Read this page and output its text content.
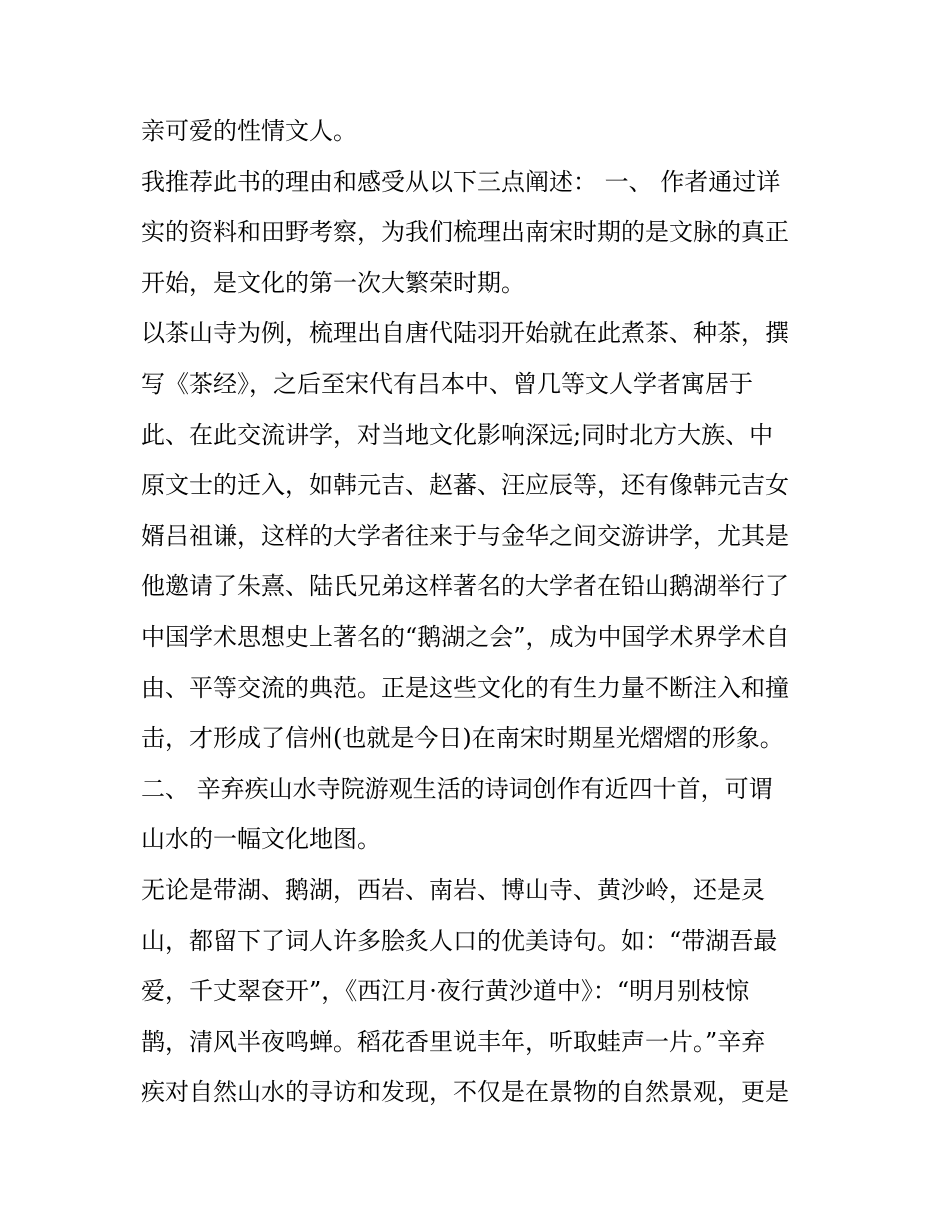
亲可爱的性情文人。
我推荐此书的理由和感受从以下三点阐述： 一、 作者通过详
实的资料和田野考察，为我们梳理出南宋时期的是文脉的真正
开始，是文化的第一次大繁荣时期。
以茶山寺为例，梳理出自唐代陆羽开始就在此煮茶、种茶，撰
写《茶经》，之后至宋代有吕本中、曾几等文人学者寓居于
此、在此交流讲学，对当地文化影响深远;同时北方大族、中
原文士的迁入，如韩元吉、赵蕃、汪应辰等，还有像韩元吉女
婿吕祖谦，这样的大学者往来于与金华之间交游讲学，尤其是
他邀请了朱熹、陆氏兄弟这样著名的大学者在铅山鹅湖举行了
中国学术思想史上著名的“鹅湖之会”，成为中国学术界学术自
由、平等交流的典范。正是这些文化的有生力量不断注入和撞
击，才形成了信州(也就是今日)在南宋时期星光熠熠的形象。
二、 辛弃疾山水寺院游观生活的诗词创作有近四十首，可谓
山水的一幅文化地图。
无论是带湖、鹅湖，西岩、南岩、博山寺、黄沙岭，还是灵
山，都留下了词人许多脍炙人口的优美诗句。如：“带湖吾最
爱，千丈翠奁开”，《西江月·夜行黄沙道中》：“明月别枝惊
鹊，清风半夜鸣蝉。稻花香里说丰年，听取蛙声一片。”辛弃
疾对自然山水的寻访和发现，不仅是在景物的自然景观，更是
